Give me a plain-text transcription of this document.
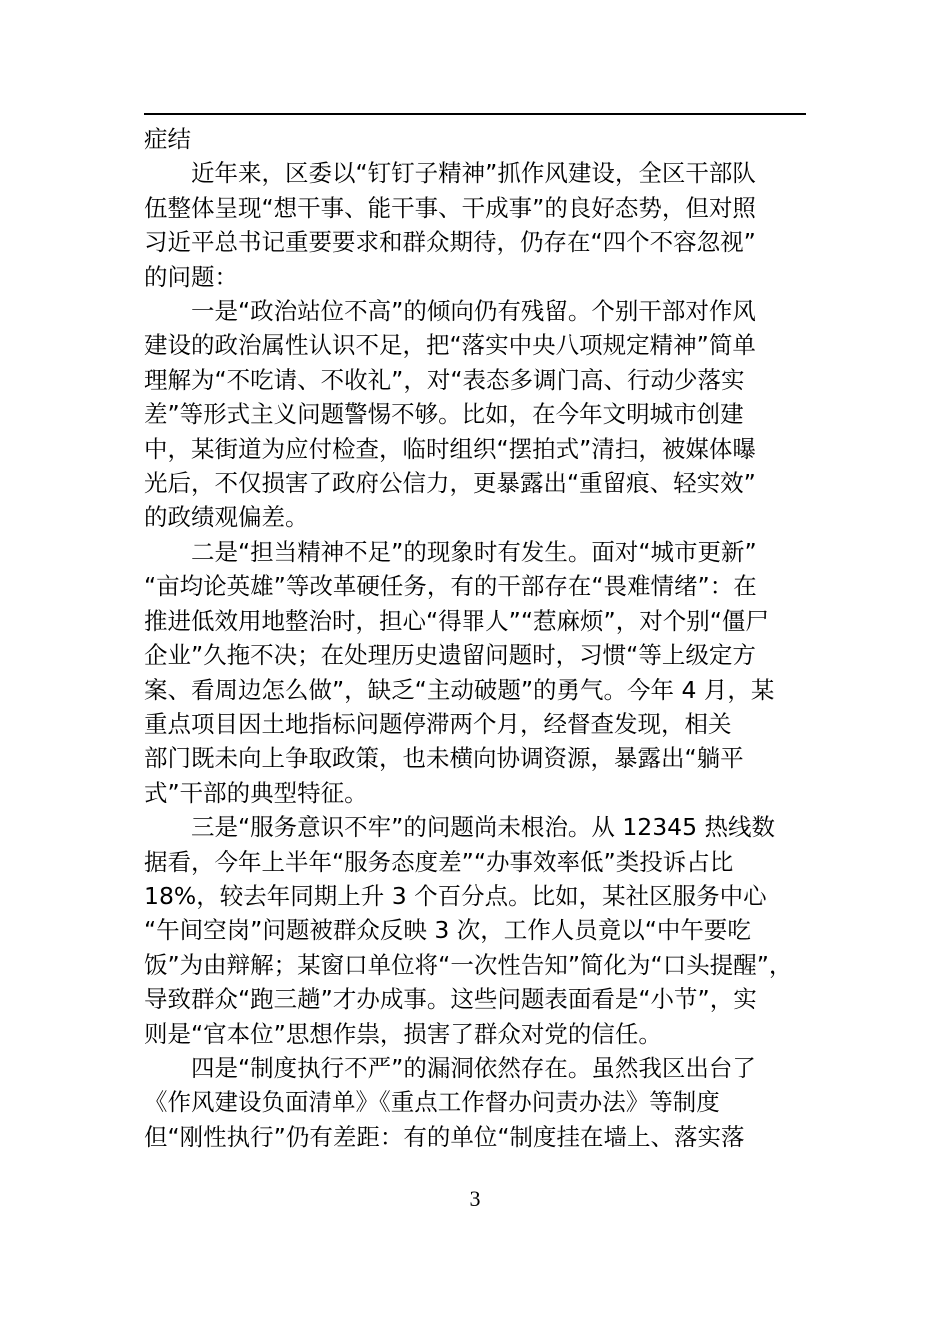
症结
　　近年来，区委以“钉钉子精神”抓作风建设，全区干部队
伍整体呈现“想干事、能干事、干成事”的良好态势，但对照
习近平总书记重要要求和群众期待，仍存在“四个不容忽视”
的问题：
　　一是“政治站位不高”的倾向仍有残留。个别干部对作风
建设的政治属性认识不足，把“落实中央八项规定精神”简单
理解为“不吃请、不收礼”，对“表态多调门高、行动少落实
差”等形式主义问题警惕不够。比如，在今年文明城市创建
中，某街道为应付检查，临时组织“摆拍式”清扫，被媒体曝
光后，不仅损害了政府公信力，更暴露出“重留痕、轻实效”
的政绩观偏差。
　　二是“担当精神不足”的现象时有发生。面对“城市更新”
“亩均论英雄”等改革硬任务，有的干部存在“畏难情绪”：在
推进低效用地整治时，担心“得罪人”“惹麻烦”，对个别“僵尸
企业”久拖不决；在处理历史遗留问题时，习惯“等上级定方
案、看周边怎么做”，缺乏“主动破题”的勇气。今年 4 月，某
重点项目因土地指标问题停滞两个月，经督查发现，相关
部门既未向上争取政策，也未横向协调资源，暴露出“躺平
式”干部的典型特征。
　　三是“服务意识不牢”的问题尚未根治。从 12345 热线数
据看，今年上半年“服务态度差”“办事效率低”类投诉占比
18%，较去年同期上升 3 个百分点。比如，某社区服务中心
“午间空岗”问题被群众反映 3 次，工作人员竟以“中午要吃
饭”为由辩解；某窗口单位将“一次性告知”简化为“口头提醒”，
导致群众“跑三趟”才办成事。这些问题表面看是“小节”，实
则是“官本位”思想作祟，损害了群众对党的信任。
　　四是“制度执行不严”的漏洞依然存在。虽然我区出台了
《作风建设负面清单》《重点工作督办问责办法》等制度
但“刚性执行”仍有差距：有的单位“制度挂在墙上、落实落
3
